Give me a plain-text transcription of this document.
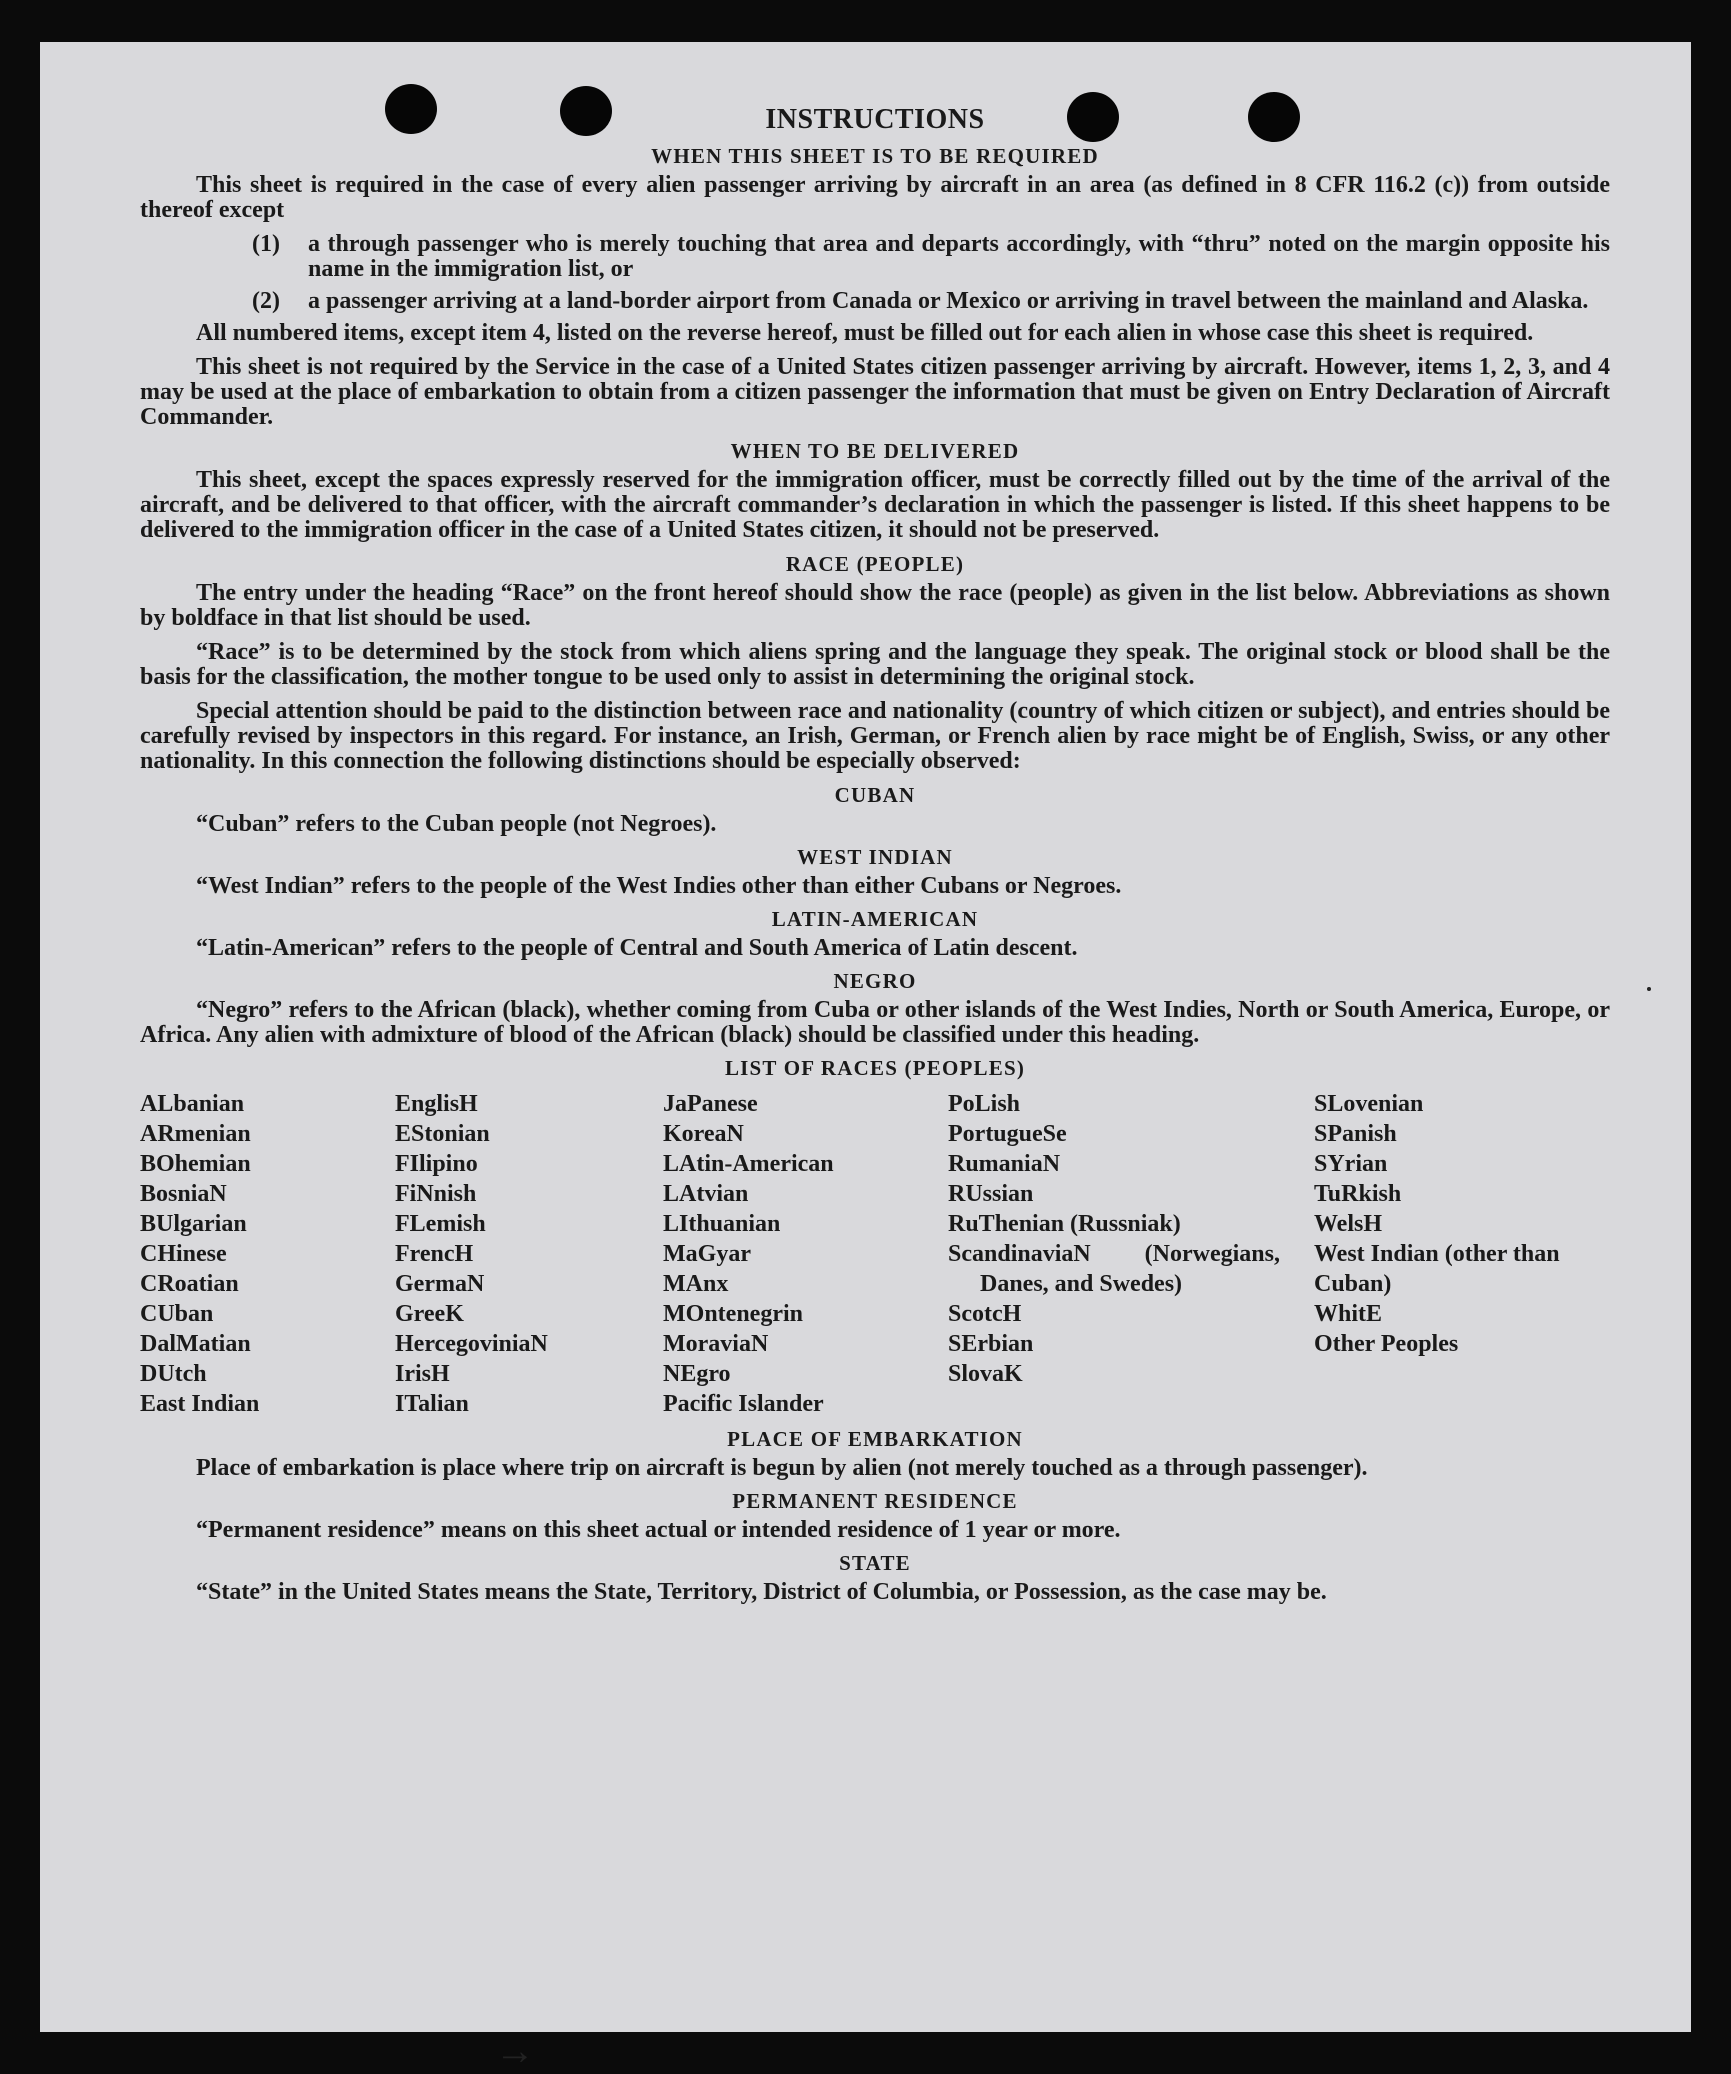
→
INSTRUCTIONS
WHEN THIS SHEET IS TO BE REQUIRED

This sheet is required in the case of every alien passenger arriving by aircraft in an area (as defined in 8 CFR 116.2 (c)) from outside thereof except

(1)	a through passenger who is merely touching that area and departs accordingly, with “thru” noted on the margin opposite his name in the immigration list, or
(2)	a passenger arriving at a land-border airport from Canada or Mexico or arriving in travel between the mainland and Alaska.

All numbered items, except item 4, listed on the reverse hereof, must be filled out for each alien in whose case this sheet is required.

This sheet is not required by the Service in the case of a United States citizen passenger arriving by aircraft. However, items 1, 2, 3, and 4 may be used at the place of embarkation to obtain from a citizen passenger the information that must be given on Entry Declaration of Aircraft Commander.

WHEN TO BE DELIVERED

This sheet, except the spaces expressly reserved for the immigration officer, must be correctly filled out by the time of the arrival of the aircraft, and be delivered to that officer, with the aircraft commander’s declaration in which the passenger is listed. If this sheet happens to be delivered to the immigration officer in the case of a United States citizen, it should not be preserved.

RACE (PEOPLE)

The entry under the heading “Race” on the front hereof should show the race (people) as given in the list below. Abbreviations as shown by boldface in that list should be used.

“Race” is to be determined by the stock from which aliens spring and the language they speak. The original stock or blood shall be the basis for the classification, the mother tongue to be used only to assist in determining the original stock.

Special attention should be paid to the distinction between race and nationality (country of which citizen or subject), and entries should be carefully revised by inspectors in this regard. For instance, an Irish, German, or French alien by race might be of English, Swiss, or any other nationality. In this connection the following distinctions should be especially observed:

CUBAN

“Cuban” refers to the Cuban people (not Negroes).

WEST INDIAN

“West Indian” refers to the people of the West Indies other than either Cubans or Negroes.

LATIN-AMERICAN

“Latin-American” refers to the people of Central and South America of Latin descent.

NEGRO

“Negro” refers to the African (black), whether coming from Cuba or other islands of the West Indies, North or South America, Europe, or Africa. Any alien with admixture of blood of the African (black) should be classified under this heading.

LIST OF RACES (PEOPLES)
ALbanian
ARmenian
BOhemian
BosniaN
BUlgarian
CHinese
CRoatian
CUban
DalMatian
DUtch
East Indian
EnglisH
EStonian
FIlipino
FiNnish
FLemish
FrencH
GermaN
GreeK
HercegoviniaN
IrisH
ITalian
JaPanese
KoreaN
LAtin-American
LAtvian
LIthuanian
MaGyar
MAnx
MOntenegrin
MoraviaN
NEgro
Pacific Islander
PoLish
PortugueSe
RumaniaN
RUssian
RuThenian (Russniak)
ScandinaviaN (Norwegians, Danes, and Swedes)
ScotcH
SErbian
SlovaK
SLovenian
SPanish
SYrian
TuRkish
WelsH
West Indian (other than Cuban)
WhitE
Other Peoples
PLACE OF EMBARKATION

Place of embarkation is place where trip on aircraft is begun by alien (not merely touched as a through passenger).

PERMANENT RESIDENCE

“Permanent residence” means on this sheet actual or intended residence of 1 year or more.

STATE

“State” in the United States means the State, Territory, District of Columbia, or Possession, as the case may be.
